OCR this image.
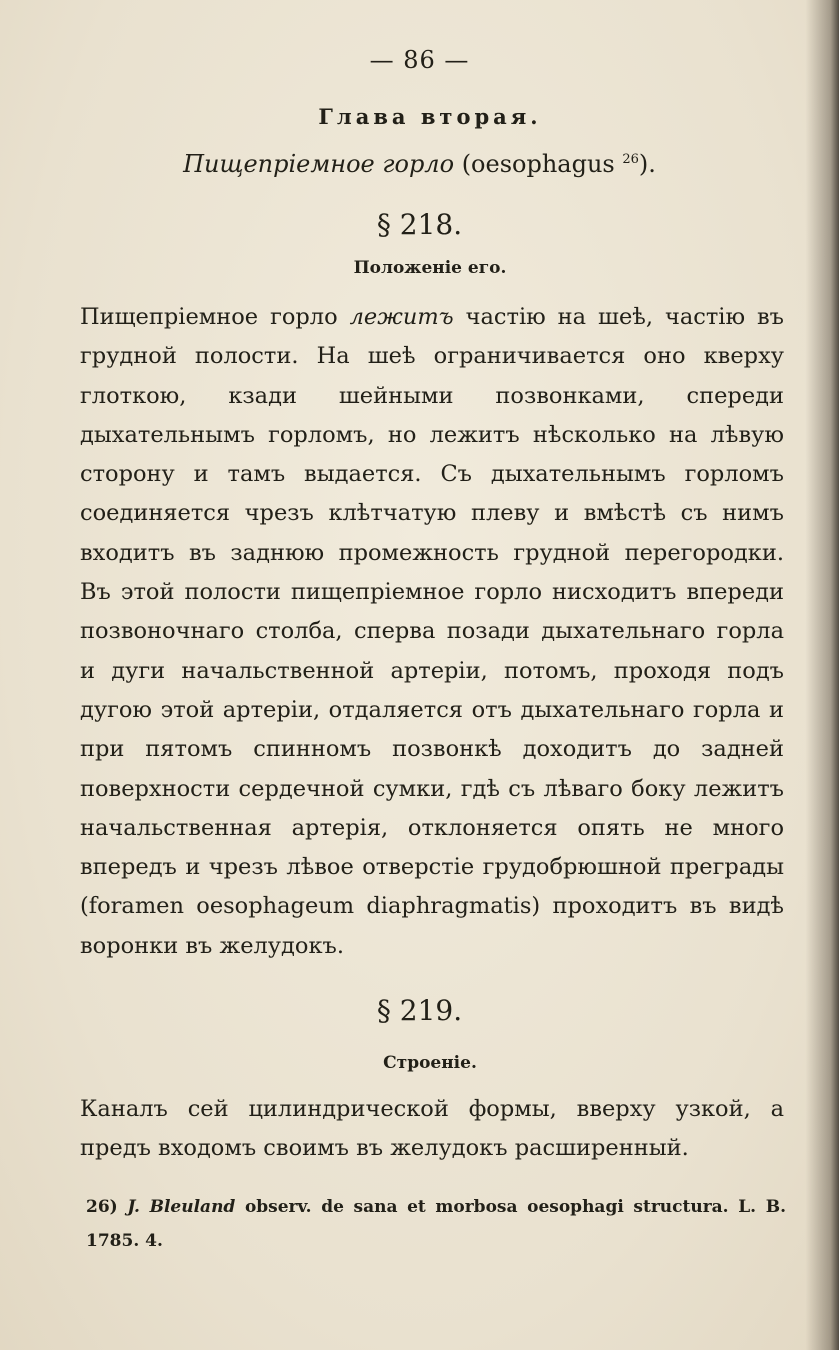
— 86 —
Глава вторая.
Пищепріемное горло (oesophagus $^{26}$).
§ 218.
Положеніе его.

Пищепріемное горло лежитъ частію на шеѣ, частію въ грудной полости. На шеѣ ограничивается оно кверху глоткою, кзади шейными позвонками, спереди дыхательнымъ горломъ, но лежитъ нѣсколько на лѣвую сторону и тамъ выдается. Съ дыхательнымъ горломъ соединяется чрезъ клѣтчатую плеву и вмѣстѣ съ нимъ входитъ въ заднюю промежность грудной перегородки. Въ этой полости пищепріемное горло нисходитъ впереди позвоночнаго столба, сперва позади дыхательнаго горла и дуги начальственной артеріи, потомъ, проходя подъ дугою этой артеріи, отдаляется отъ дыхательнаго горла и при пятомъ спинномъ позвонкѣ доходитъ до задней поверхности сердечной сумки, гдѣ съ лѣваго боку лежитъ начальственная артерія, отклоняется опять не много впередъ и чрезъ лѣвое отверстіе грудобрюшной преграды (foramen oesophageum diaphragmatis) проходитъ въ видѣ воронки въ желудокъ.

§ 219.
Строеніе.

Каналъ сей цилиндрической формы, вверху узкой, а предъ входомъ своимъ въ желудокъ расширенный.

26) J. Bleuland observ. de sana et morbosa oesophagi structura. L. B. 1785. 4.
